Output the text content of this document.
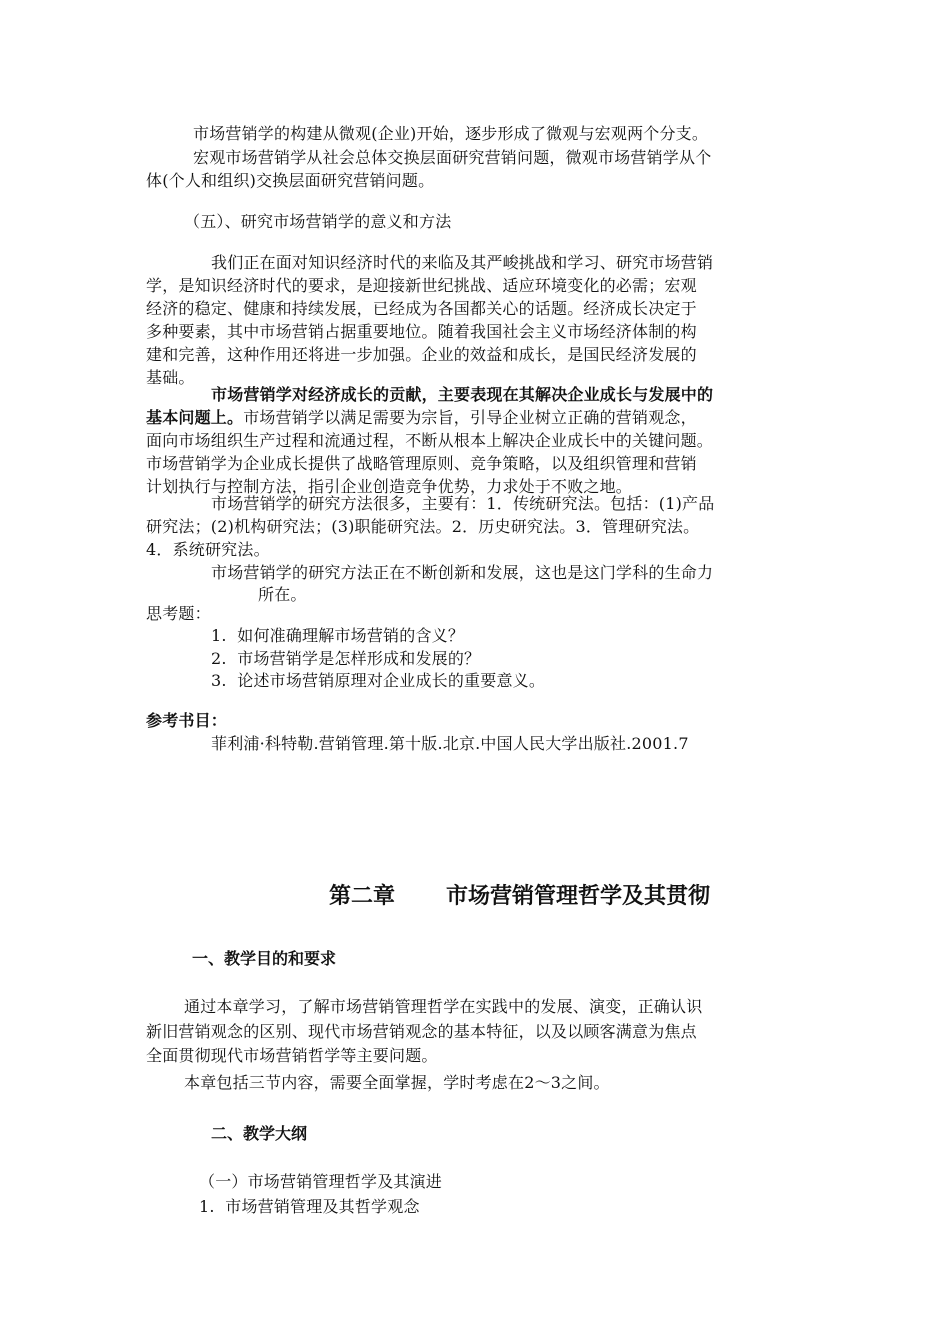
市场营销学的构建从微观(企业)开始，逐步形成了微观与宏观两个分支。
宏观市场营销学从社会总体交换层面研究营销问题，微观市场营销学从个
体(个人和组织)交换层面研究营销问题。
（五）、研究市场营销学的意义和方法
我们正在面对知识经济时代的来临及其严峻挑战和学习、研究市场营销
学，是知识经济时代的要求，是迎接新世纪挑战、适应环境变化的必需；宏观
经济的稳定、健康和持续发展，已经成为各国都关心的话题。经济成长决定于
多种要素，其中市场营销占据重要地位。随着我国社会主义市场经济体制的构
建和完善，这种作用还将进一步加强。企业的效益和成长，是国民经济发展的
基础。
市场营销学对经济成长的贡献，主要表现在其解决企业成长与发展中的
基本问题上。市场营销学以满足需要为宗旨，引导企业树立正确的营销观念，
面向市场组织生产过程和流通过程，不断从根本上解决企业成长中的关键问题。
市场营销学为企业成长提供了战略管理原则、竞争策略，以及组织管理和营销
计划执行与控制方法，指引企业创造竞争优势，力求处于不败之地。
市场营销学的研究方法很多，主要有：1．传统研究法。包括：(1)产品
研究法；(2)机构研究法；(3)职能研究法。2．历史研究法。3．管理研究法。
4．系统研究法。
市场营销学的研究方法正在不断创新和发展，这也是这门学科的生命力
所在。
思考题：
1. 如何准确理解市场营销的含义？
2. 市场营销学是怎样形成和发展的？
3. 论述市场营销原理对企业成长的重要意义。
参考书目：
菲利浦·科特勒.营销管理.第十版.北京.中国人民大学出版社.2001.7
第二章 市场营销管理哲学及其贯彻
一、教学目的和要求
通过本章学习，了解市场营销管理哲学在实践中的发展、演变，正确认识
新旧营销观念的区别、现代市场营销观念的基本特征，以及以顾客满意为焦点
全面贯彻现代市场营销哲学等主要问题。
本章包括三节内容，需要全面掌握，学时考虑在2～3之间。
二、教学大纲
（一）市场营销管理哲学及其演进
1. 市场营销管理及其哲学观念
